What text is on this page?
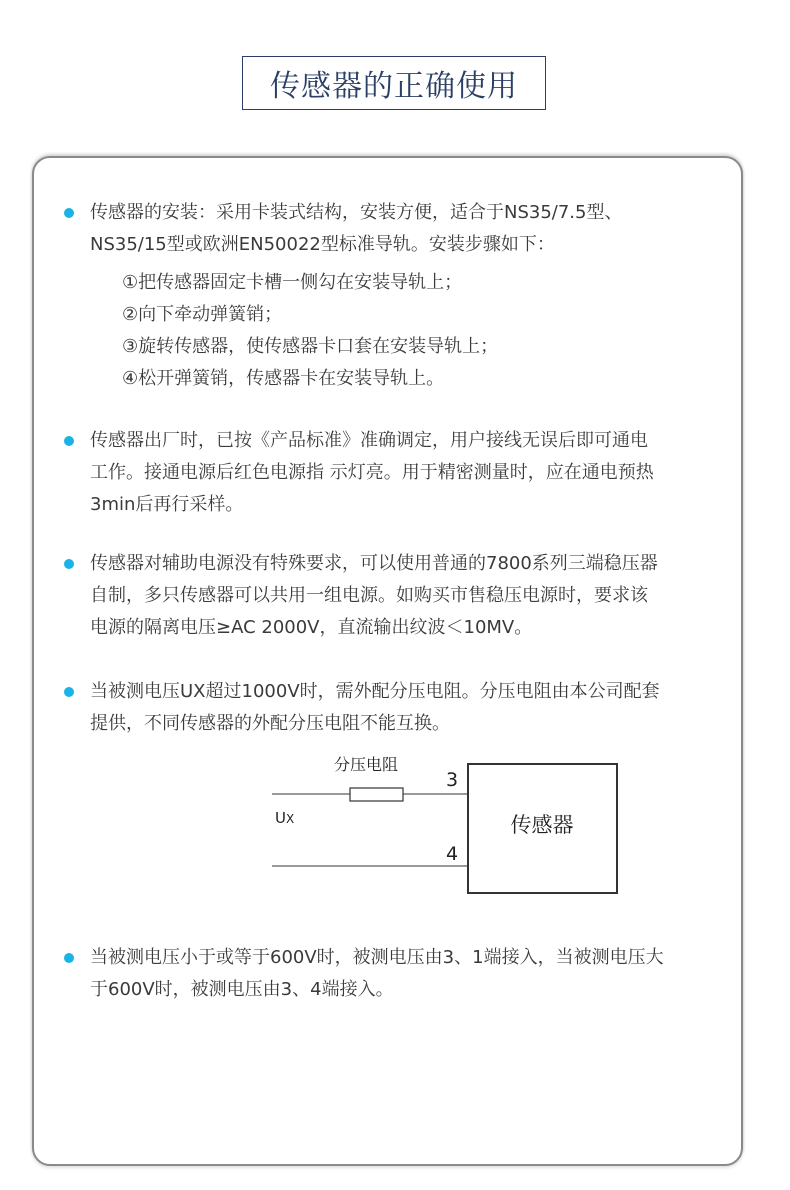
传感器的正确使用
传感器的安装：采用卡装式结构，安装方便，适合于NS35/7.5型、
NS35/15型或欧洲EN50022型标准导轨。安装步骤如下：
①把传感器固定卡槽一侧勾在安装导轨上；
②向下牵动弹簧销；
③旋转传感器，使传感器卡口套在安装导轨上；
④松开弹簧销，传感器卡在安装导轨上。
传感器出厂时，已按《产品标准》准确调定，用户接线无误后即可通电
工作。接通电源后红色电源指 示灯亮。用于精密测量时，应在通电预热
3min后再行采样。
传感器对辅助电源没有特殊要求，可以使用普通的7800系列三端稳压器
自制，多只传感器可以共用一组电源。如购买市售稳压电源时，要求该
电源的隔离电压≥AC 2000V，直流输出纹波＜10MV。
当被测电压UX超过1000V时，需外配分压电阻。分压电阻由本公司配套
提供，不同传感器的外配分压电阻不能互换。
分压电阻
UX
3
4
传感器
当被测电压小于或等于600V时，被测电压由3、1端接入，当被测电压大
于600V时，被测电压由3、4端接入。
